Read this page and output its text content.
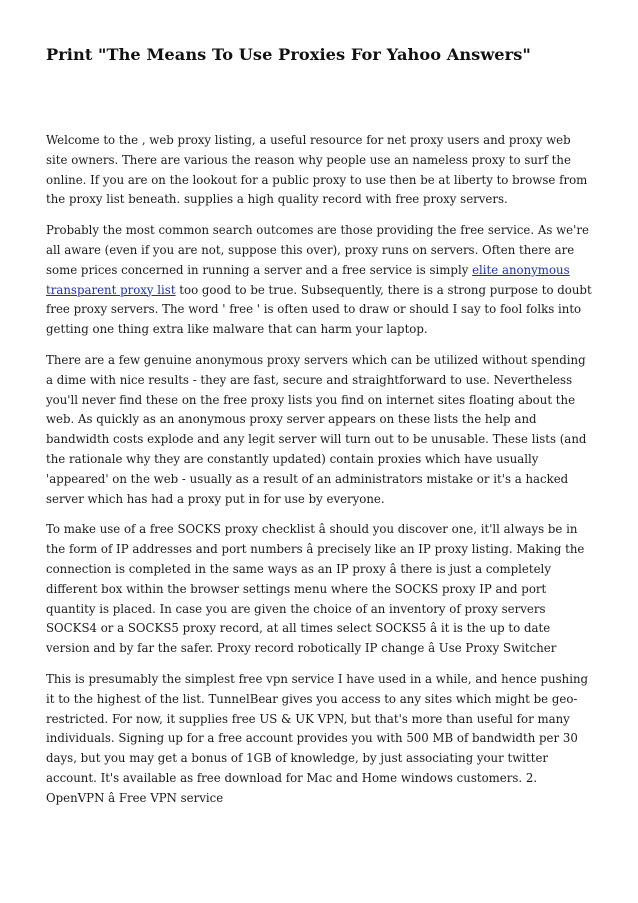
Print "The Means To Use Proxies For Yahoo Answers"

Welcome to the , web proxy listing, a useful resource for net proxy users and proxy web site owners. There are various the reason why people use an nameless proxy to surf the online. If you are on the lookout for a public proxy to use then be at liberty to browse from the proxy list beneath. supplies a high quality record with free proxy servers.

Probably the most common search outcomes are those providing the free service. As we're all aware (even if you are not, suppose this over), proxy runs on servers. Often there are some prices concerned in running a server and a free service is simply elite anonymous transparent proxy list too good to be true. Subsequently, there is a strong purpose to doubt free proxy servers. The word ' free ' is often used to draw or should I say to fool folks into getting one thing extra like malware that can harm your laptop.

There are a few genuine anonymous proxy servers which can be utilized without spending a dime with nice results - they are fast, secure and straightforward to use. Nevertheless you'll never find these on the free proxy lists you find on internet sites floating about the web. As quickly as an anonymous proxy server appears on these lists the help and bandwidth costs explode and any legit server will turn out to be unusable. These lists (and the rationale why they are constantly updated) contain proxies which have usually 'appeared' on the web - usually as a result of an administrators mistake or it's a hacked server which has had a proxy put in for use by everyone.

To make use of a free SOCKS proxy checklist â should you discover one, it'll always be in the form of IP addresses and port numbers â precisely like an IP proxy listing. Making the connection is completed in the same ways as an IP proxy â there is just a completely different box within the browser settings menu where the SOCKS proxy IP and port quantity is placed. In case you are given the choice of an inventory of proxy servers SOCKS4 or a SOCKS5 proxy record, at all times select SOCKS5 â it is the up to date version and by far the safer. Proxy record robotically IP change â Use Proxy Switcher

This is presumably the simplest free vpn service I have used in a while, and hence pushing it to the highest of the list. TunnelBear gives you access to any sites which might be geo-restricted. For now, it supplies free US & UK VPN, but that's more than useful for many individuals. Signing up for a free account provides you with 500 MB of bandwidth per 30 days, but you may get a bonus of 1GB of knowledge, by just associating your twitter account. It's available as free download for Mac and Home windows customers. 2. OpenVPN â Free VPN service
